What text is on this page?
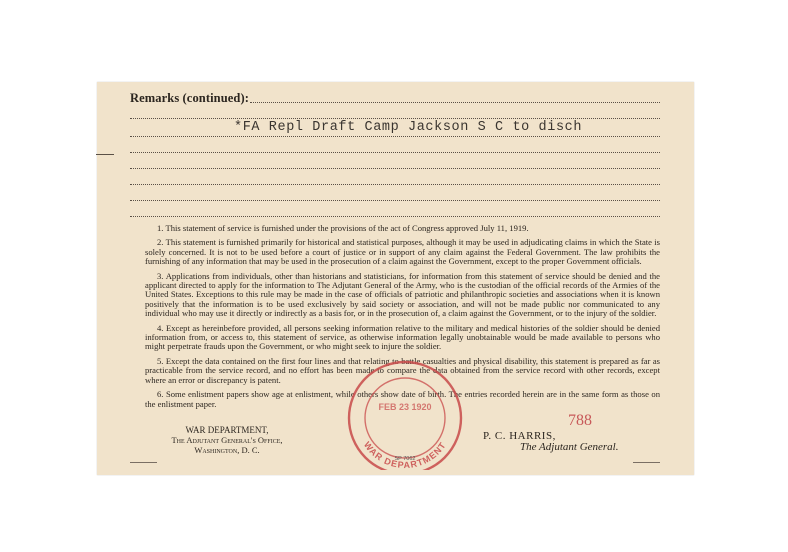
Remarks (continued):
*FA Repl Draft Camp Jackson S C to disch

1. This statement of service is furnished under the provisions of the act of Congress approved July 11, 1919.

2. This statement is furnished primarily for historical and statistical purposes, although it may be used in adjudicating claims in which the State is solely concerned. It is not to be used before a court of justice or in support of any claim against the Federal Government. The law prohibits the furnishing of any information that may be used in the prosecution of a claim against the Government, except to the proper Government officials.

3. Applications from individuals, other than historians and statisticians, for information from this statement of service should be denied and the applicant directed to apply for the information to The Adjutant General of the Army, who is the custodian of the official records of the Armies of the United States. Exceptions to this rule may be made in the case of officials of patriotic and philanthropic societies and associations when it is known positively that the information is to be used exclusively by said society or association, and will not be made public nor communicated to any individual who may use it directly or indirectly as a basis for, or in the prosecution of, a claim against the Government, or to the injury of the soldier.

4. Except as hereinbefore provided, all persons seeking information relative to the military and medical histories of the soldier should be denied information from, or access to, this statement of service, as otherwise information legally unobtainable would be made available to persons who might perpetrate frauds upon the Government, or who might seek to injure the soldier.

5. Except the data contained on the first four lines and that relating to battle casualties and physical disability, this statement is prepared as far as practicable from the service record, and no effort has been made to compare the data obtained from the service record with other records, except where an error or discrepancy is patent.

6. Some enlistment papers show age at enlistment, while others show date of birth. The entries recorded herein are in the same form as those on the enlistment paper.

WAR DEPARTMENT,
The Adjutant General's Office,
Washington, D. C.	WAR DEPARTMENT
FEB 23 1920
SP 7062
788
P. C. HARRIS,
The Adjutant General.
